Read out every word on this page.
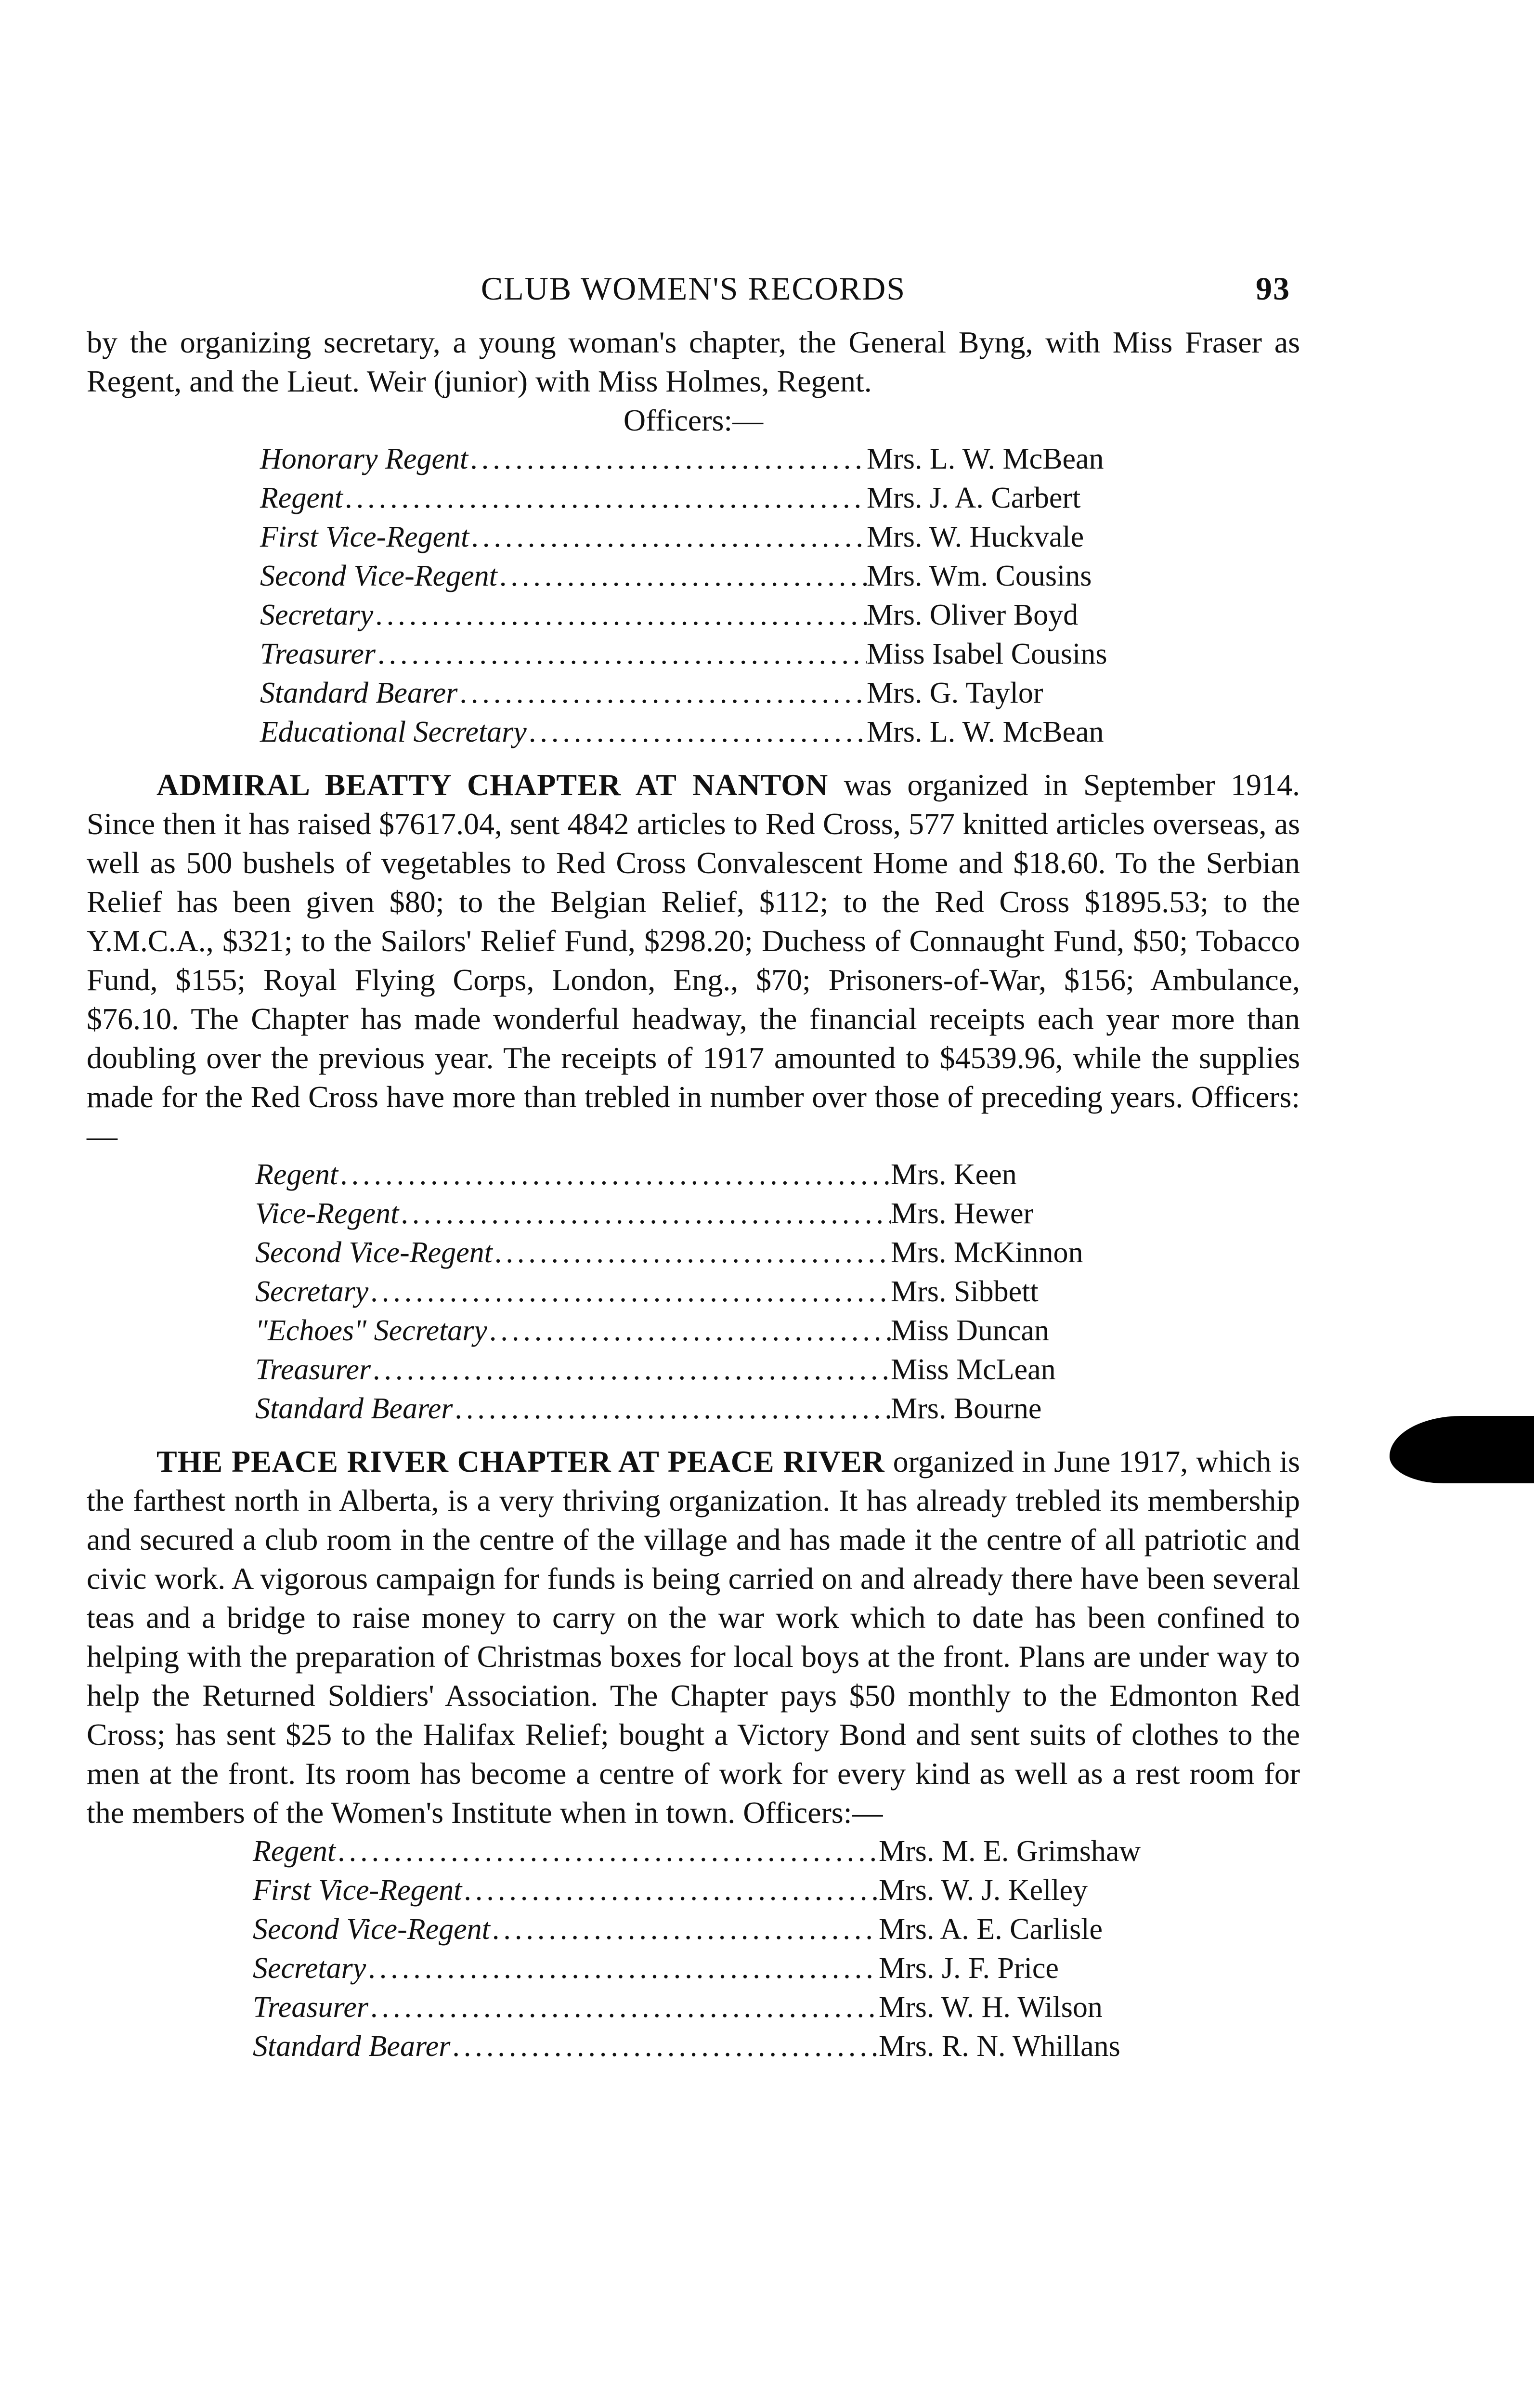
CLUB WOMEN'S RECORDS	93

by the organizing secretary, a young woman's chapter, the General Byng, with Miss Fraser as Regent, and the Lieut. Weir (junior) with Miss Holmes, Regent.

Officers:—

Honorary Regent .....	Mrs. L. W. McBean
Regent .....	Mrs. J. A. Carbert
First Vice-Regent .....	Mrs. W. Huckvale
Second Vice-Regent .....	Mrs. Wm. Cousins
Secretary .....	Mrs. Oliver Boyd
Treasurer .....	Miss Isabel Cousins
Standard Bearer .....	Mrs. G. Taylor
Educational Secretary .....	Mrs. L. W. McBean

ADMIRAL BEATTY CHAPTER AT NANTON was organized in September 1914. Since then it has raised $7617.04, sent 4842 articles to Red Cross, 577 knitted articles overseas, as well as 500 bushels of vegetables to Red Cross Convalescent Home and $18.60. To the Serbian Relief has been given $80; to the Belgian Relief, $112; to the Red Cross $1895.53; to the Y.M.C.A., $321; to the Sailors' Relief Fund, $298.20; Duchess of Connaught Fund, $50; Tobacco Fund, $155; Royal Flying Corps, London, Eng., $70; Prisoners-of-War, $156; Ambulance, $76.10. The Chapter has made wonderful headway, the financial receipts each year more than doubling over the previous year. The receipts of 1917 amounted to $4539.96, while the supplies made for the Red Cross have more than trebled in number over those of preceding years. Officers:—

Regent .....	Mrs. Keen
Vice-Regent .....	Mrs. Hewer
Second Vice-Regent .....	Mrs. McKinnon
Secretary .....	Mrs. Sibbett
"Echoes" Secretary .....	Miss Duncan
Treasurer .....	Miss McLean
Standard Bearer .....	Mrs. Bourne

THE PEACE RIVER CHAPTER AT PEACE RIVER organized in June 1917, which is the farthest north in Alberta, is a very thriving organization. It has already trebled its membership and secured a club room in the centre of the village and has made it the centre of all patriotic and civic work. A vigorous campaign for funds is being carried on and already there have been several teas and a bridge to raise money to carry on the war work which to date has been confined to helping with the preparation of Christmas boxes for local boys at the front. Plans are under way to help the Returned Soldiers' Association. The Chapter pays $50 monthly to the Edmonton Red Cross; has sent $25 to the Halifax Relief; bought a Victory Bond and sent suits of clothes to the men at the front. Its room has become a centre of work for every kind as well as a rest room for the members of the Women's Institute when in town. Officers:—

Regent .....	Mrs. M. E. Grimshaw
First Vice-Regent .....	Mrs. W. J. Kelley
Second Vice-Regent .....	Mrs. A. E. Carlisle
Secretary .....	Mrs. J. F. Price
Treasurer .....	Mrs. W. H. Wilson
Standard Bearer .....	Mrs. R. N. Whillans
